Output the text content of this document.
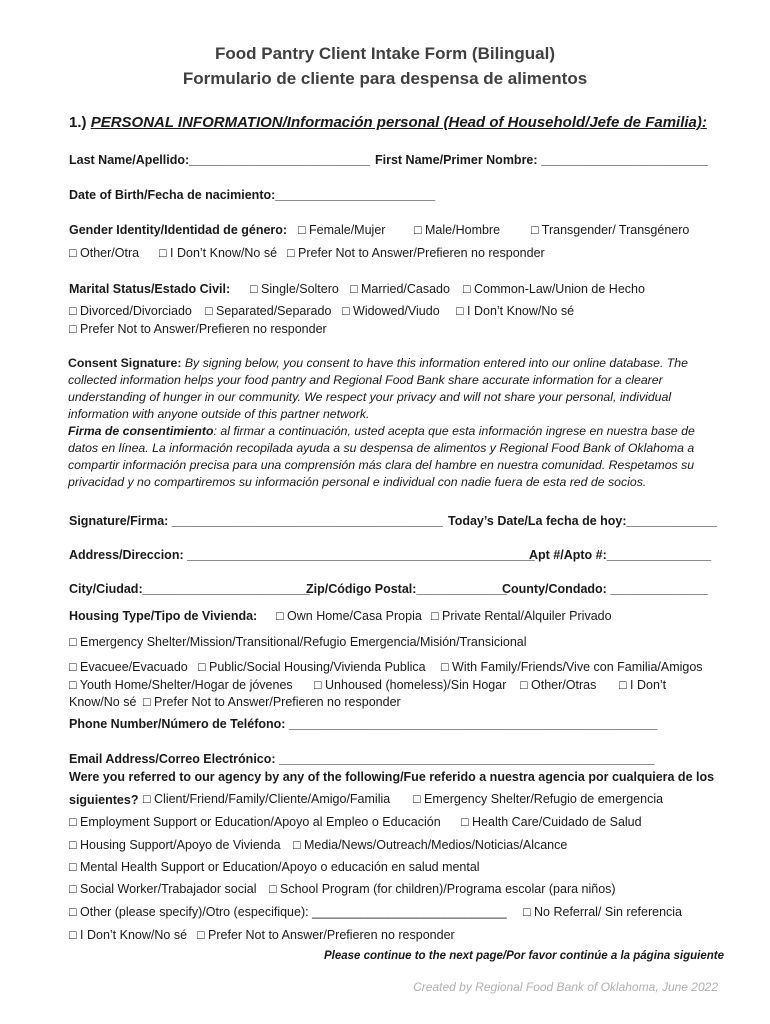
Food Pantry Client Intake Form (Bilingual)
Formulario de cliente para despensa de alimentos
1.) PERSONAL INFORMATION/Información personal (Head of Household/Jefe de Familia):
Last Name/Apellido:__________________________ First Name/Primer Nombre: ________________________
Date of Birth/Fecha de nacimiento:_______________________
Gender Identity/Identidad de género: □ Female/Mujer □ Male/Hombre □ Transgender/ Transgénero
□ Other/Otra □ I Don’t Know/No sé □ Prefer Not to Answer/Prefieren no responder
Marital Status/Estado Civil: □ Single/Soltero □ Married/Casado □ Common-Law/Union de Hecho
□ Divorced/Divorciado □ Separated/Separado □ Widowed/Viudo □ I Don’t Know/No sé
□ Prefer Not to Answer/Prefieren no responder
Consent Signature: By signing below, you consent to have this information entered into our online database. The collected information helps your food pantry and Regional Food Bank share accurate information for a clearer understanding of hunger in our community. We respect your privacy and will not share your personal, individual information with anyone outside of this partner network.
Firma de consentimiento: al firmar a continuación, usted acepta que esta información ingrese en nuestra base de datos en línea. La información recopilada ayuda a su despensa de alimentos y Regional Food Bank of Oklahoma a compartir información precisa para una comprensión más clara del hambre en nuestra comunidad. Respetamos su privacidad y no compartiremos su información personal e individual con nadie fuera de esta red de socios.
Signature/Firma: _______________________________________ Today’s Date/La fecha de hoy:_____________
Address/Direccion: __________________________________________________
Apt #/Apto #:_______________
City/Ciudad:________________________
Zip/Código Postal:_____________
County/Condado: ______________
Housing Type/Tipo de Vivienda: □ Own Home/Casa Propia □ Private Rental/Alquiler Privado
□ Emergency Shelter/Mission/Transitional/Refugio Emergencia/Misión/Transicional
□ Evacuee/Evacuado □ Public/Social Housing/Vivienda Publica □ With Family/Friends/Vive con Familia/Amigos
□ Youth Home/Shelter/Hogar de jóvenes □ Unhoused (homeless)/Sin Hogar □ Other/Otras □ I Don’t
Know/No sé □ Prefer Not to Answer/Prefieren no responder
Phone Number/Número de Teléfono: _____________________________________________________
Email Address/Correo Electrónico: ______________________________________________________
Were you referred to our agency by any of the following/Fue referido a nuestra agencia por cualquiera de los
siguientes? □ Client/Friend/Family/Cliente/Amigo/Familia □ Emergency Shelter/Refugio de emergencia
□ Employment Support or Education/Apoyo al Empleo o Educación □ Health Care/Cuidado de Salud
□ Housing Support/Apoyo de Vivienda □ Media/News/Outreach/Medios/Noticias/Alcance
□ Mental Health Support or Education/Apoyo o educación en salud mental
□ Social Worker/Trabajador social □ School Program (for children)/Programa escolar (para niños)
□ Other (please specify)/Otro (especifique): ____________________________ □ No Referral/ Sin referencia
□ I Don’t Know/No sé □ Prefer Not to Answer/Prefieren no responder
Please continue to the next page/Por favor continúe a la página siguiente
Created by Regional Food Bank of Oklahoma, June 2022
